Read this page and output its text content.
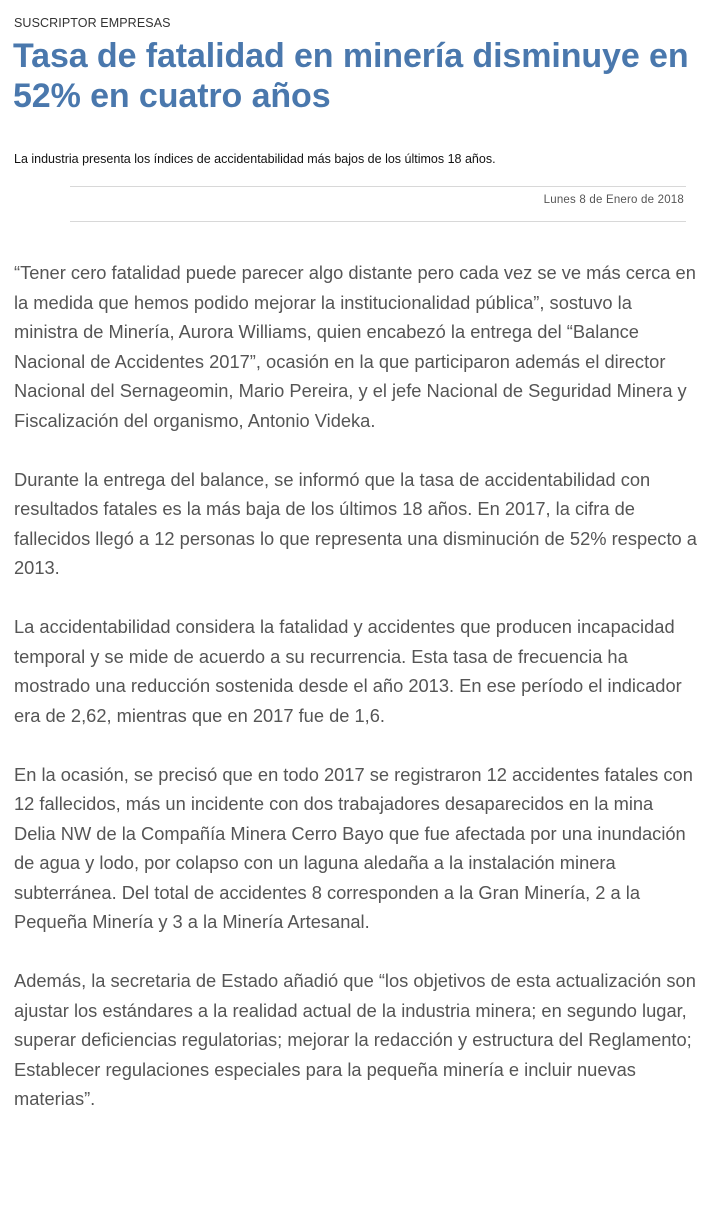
SUSCRIPTOR EMPRESAS
Tasa de fatalidad en minería disminuye en 52% en cuatro años
La industria presenta los índices de accidentabilidad más bajos de los últimos 18 años.
Lunes 8 de Enero de 2018

“Tener cero fatalidad puede parecer algo distante pero cada vez se ve más cerca en la medida que hemos podido mejorar la institucionalidad pública”, sostuvo la ministra de Minería, Aurora Williams, quien encabezó la entrega del “Balance Nacional de Accidentes 2017”, ocasión en la que participaron además el director Nacional del Sernageomin, Mario Pereira, y el jefe Nacional de Seguridad Minera y Fiscalización del organismo, Antonio Videka.

Durante la entrega del balance, se informó que la tasa de accidentabilidad con resultados fatales es la más baja de los últimos 18 años. En 2017, la cifra de fallecidos llegó a 12 personas lo que representa una disminución de 52% respecto a 2013.

La accidentabilidad considera la fatalidad y accidentes que producen incapacidad temporal y se mide de acuerdo a su recurrencia. Esta tasa de frecuencia ha mostrado una reducción sostenida desde el año 2013. En ese período el indicador era de 2,62, mientras que en 2017 fue de 1,6.

En la ocasión, se precisó que en todo 2017 se registraron 12 accidentes fatales con 12 fallecidos, más un incidente con dos trabajadores desaparecidos en la mina Delia NW de la Compañía Minera Cerro Bayo que fue afectada por una inundación de agua y lodo, por colapso con un laguna aledaña a la instalación minera subterránea. Del total de accidentes 8 corresponden a la Gran Minería, 2 a la Pequeña Minería y 3 a la Minería Artesanal.

Además, la secretaria de Estado añadió que “los objetivos de esta actualización son ajustar los estándares a la realidad actual de la industria minera; en segundo lugar, superar deficiencias regulatorias; mejorar la redacción y estructura del Reglamento; Establecer regulaciones especiales para la pequeña minería e incluir nuevas materias”.
